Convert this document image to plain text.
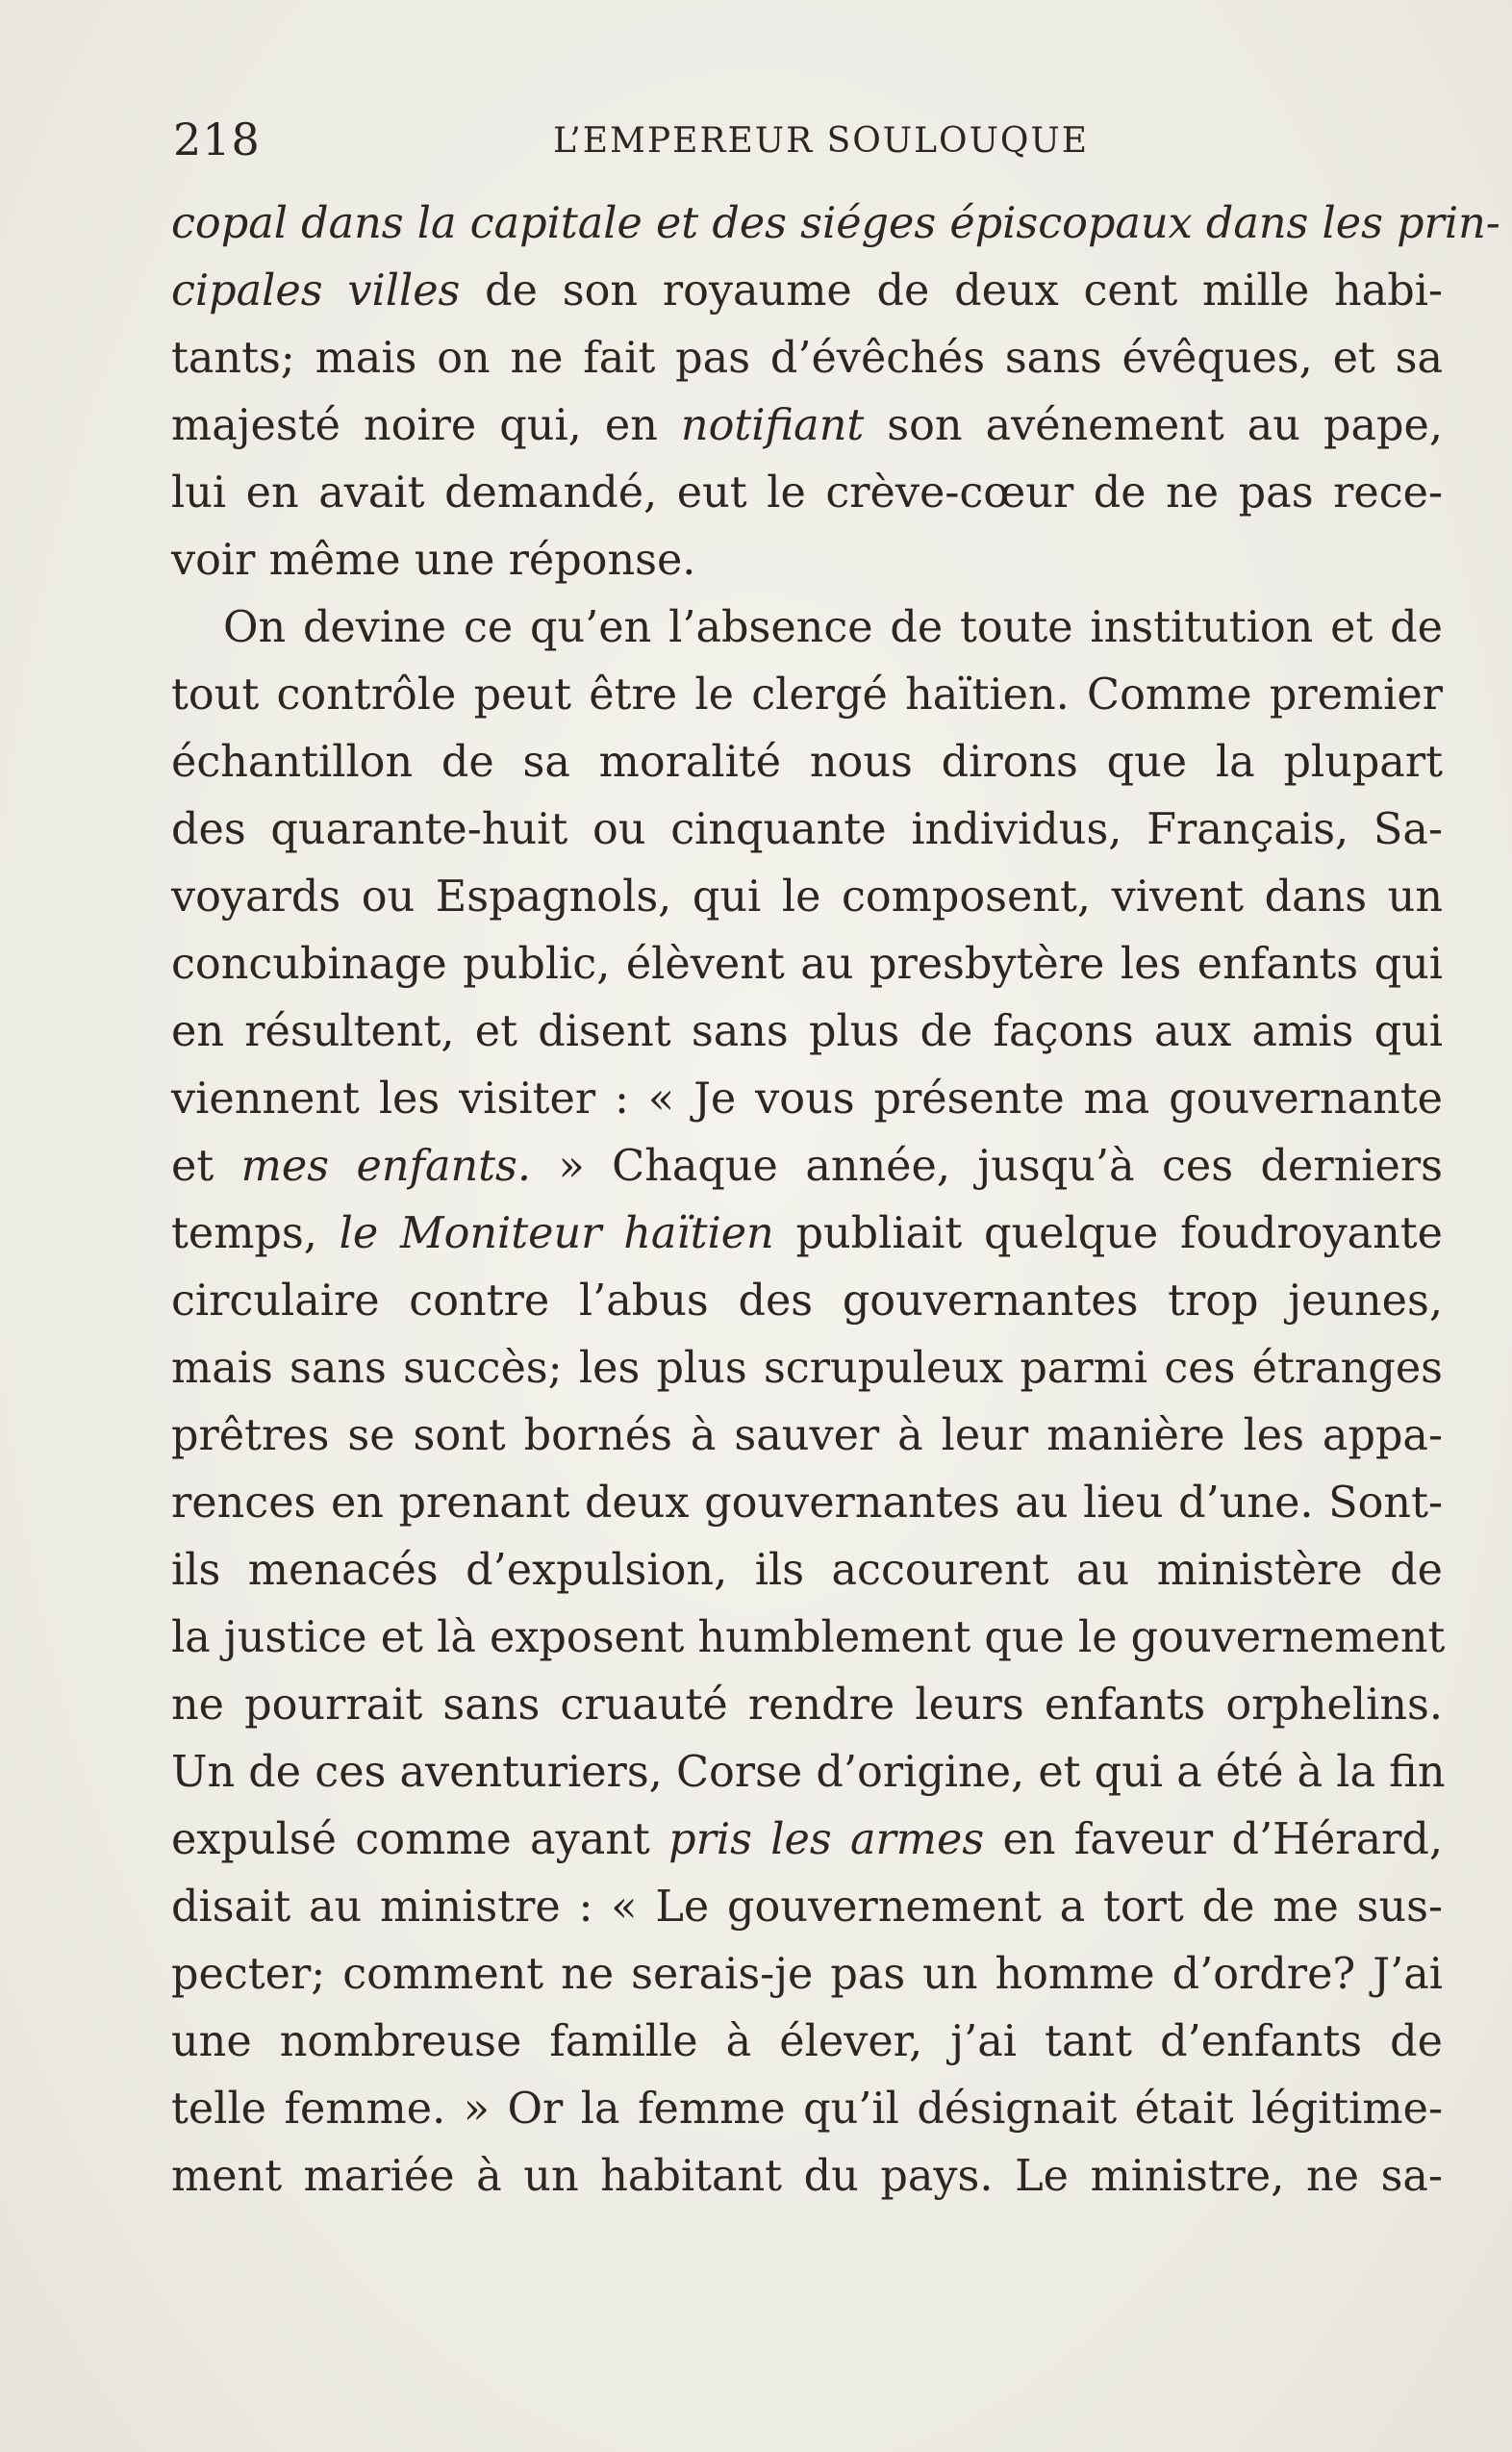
218	L’EMPEREUR SOULOUQUE
copal dans la capitale et des siéges épiscopaux dans les prin-
cipales villes de son royaume de deux cent mille habi-
tants; mais on ne fait pas d’évêchés sans évêques, et sa
majesté noire qui, en notifiant son avénement au pape,
lui en avait demandé, eut le crève-cœur de ne pas rece-
voir même une réponse.
On devine ce qu’en l’absence de toute institution et de
tout contrôle peut être le clergé haïtien. Comme premier
échantillon de sa moralité nous dirons que la plupart
des quarante-huit ou cinquante individus, Français, Sa-
voyards ou Espagnols, qui le composent, vivent dans un
concubinage public, élèvent au presbytère les enfants qui
en résultent, et disent sans plus de façons aux amis qui
viennent les visiter : « Je vous présente ma gouvernante
et mes enfants. » Chaque année, jusqu’à ces derniers
temps, le Moniteur haïtien publiait quelque foudroyante
circulaire contre l’abus des gouvernantes trop jeunes,
mais sans succès; les plus scrupuleux parmi ces étranges
prêtres se sont bornés à sauver à leur manière les appa-
rences en prenant deux gouvernantes au lieu d’une. Sont-
ils menacés d’expulsion, ils accourent au ministère de
la justice et là exposent humblement que le gouvernement
ne pourrait sans cruauté rendre leurs enfants orphelins.
Un de ces aventuriers, Corse d’origine, et qui a été à la fin
expulsé comme ayant pris les armes en faveur d’Hérard,
disait au ministre : « Le gouvernement a tort de me sus-
pecter; comment ne serais-je pas un homme d’ordre? J’ai
une nombreuse famille à élever, j’ai tant d’enfants de
telle femme. » Or la femme qu’il désignait était légitime-
ment mariée à un habitant du pays. Le ministre, ne sa-
